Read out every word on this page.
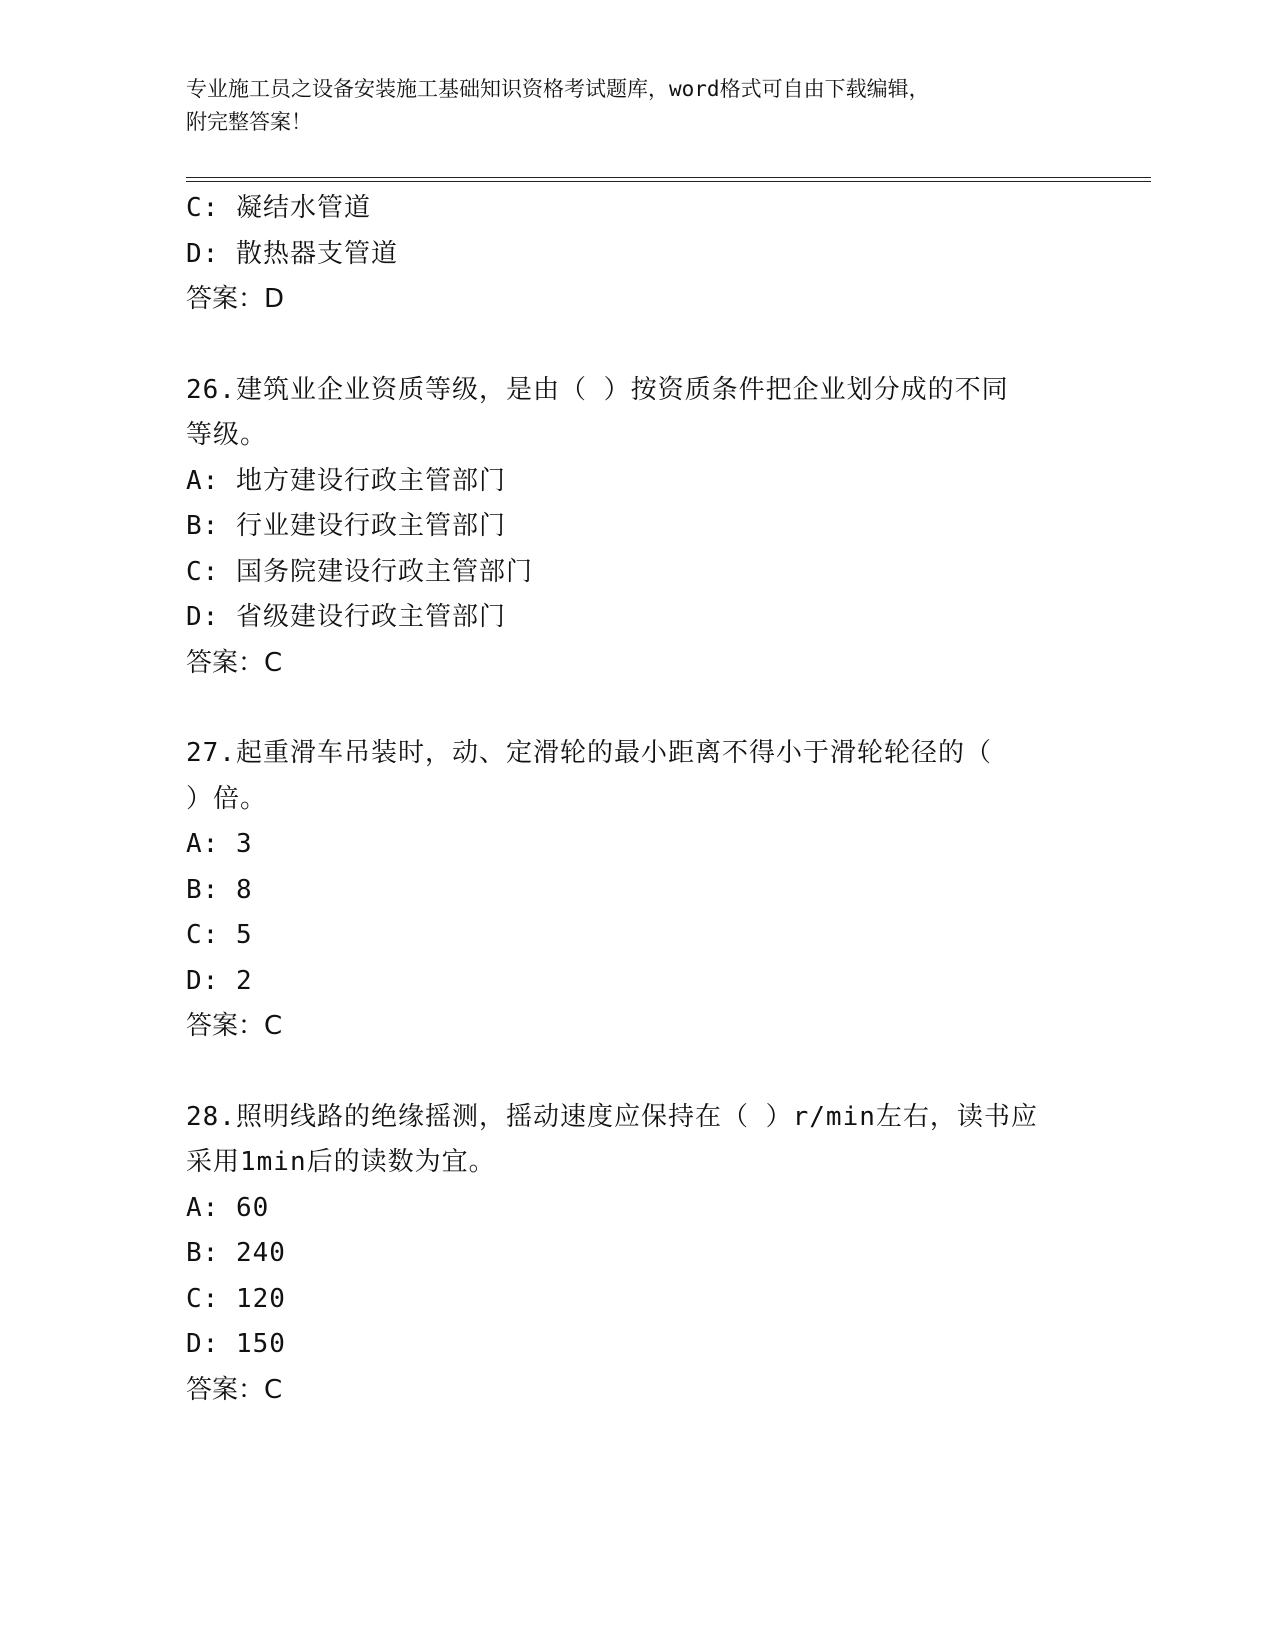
专业施工员之设备安装施工基础知识资格考试题库，word格式可自由下载编辑，
附完整答案！
C: 凝结水管道
D: 散热器支管道
答案：D
26.建筑业企业资质等级，是由（ ）按资质条件把企业划分成的不同
等级。
A: 地方建设行政主管部门
B: 行业建设行政主管部门
C: 国务院建设行政主管部门
D: 省级建设行政主管部门
答案：C
27.起重滑车吊装时，动、定滑轮的最小距离不得小于滑轮轮径的（
）倍。
A: 3
B: 8
C: 5
D: 2
答案：C
28.照明线路的绝缘摇测，摇动速度应保持在（ ）r/min左右，读书应
采用1min后的读数为宜。
A: 60
B: 240
C: 120
D: 150
答案：C
